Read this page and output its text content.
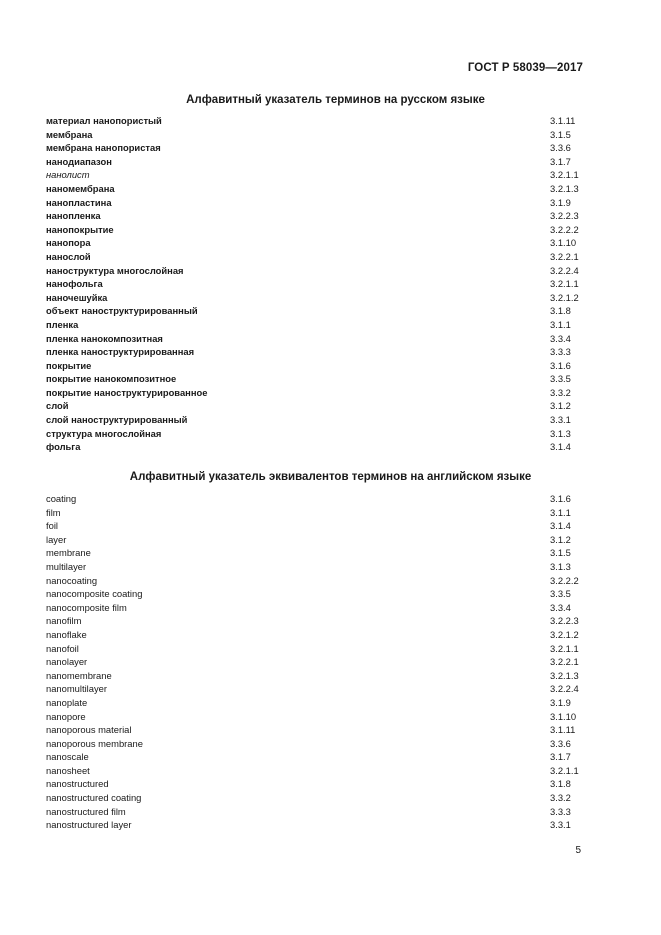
ГОСТ Р 58039—2017
Алфавитный указатель терминов на русском языке
материал нанопористый	3.1.11
мембрана	3.1.5
мембрана нанопористая	3.3.6
нанодиапазон	3.1.7
нанолист	3.2.1.1
наномембрана	3.2.1.3
нанопластина	3.1.9
нанопленка	3.2.2.3
нанопокрытие	3.2.2.2
нанопора	3.1.10
нанослой	3.2.2.1
наноструктура многослойная	3.2.2.4
нанофольга	3.2.1.1
наночешуйка	3.2.1.2
объект наноструктурированный	3.1.8
пленка	3.1.1
пленка нанокомпозитная	3.3.4
пленка наноструктурированная	3.3.3
покрытие	3.1.6
покрытие нанокомпозитное	3.3.5
покрытие наноструктурированное	3.3.2
слой	3.1.2
слой наноструктурированный	3.3.1
структура многослойная	3.1.3
фольга	3.1.4
Алфавитный указатель эквивалентов терминов на английском языке
coating	3.1.6
film	3.1.1
foil	3.1.4
layer	3.1.2
membrane	3.1.5
multilayer	3.1.3
nanocoating	3.2.2.2
nanocomposite coating	3.3.5
nanocomposite film	3.3.4
nanofilm	3.2.2.3
nanoflake	3.2.1.2
nanofoil	3.2.1.1
nanolayer	3.2.2.1
nanomembrane	3.2.1.3
nanomultilayer	3.2.2.4
nanoplate	3.1.9
nanopore	3.1.10
nanoporous material	3.1.11
nanoporous membrane	3.3.6
nanoscale	3.1.7
nanosheet	3.2.1.1
nanostructured	3.1.8
nanostructured coating	3.3.2
nanostructured film	3.3.3
nanostructured layer	3.3.1
5
